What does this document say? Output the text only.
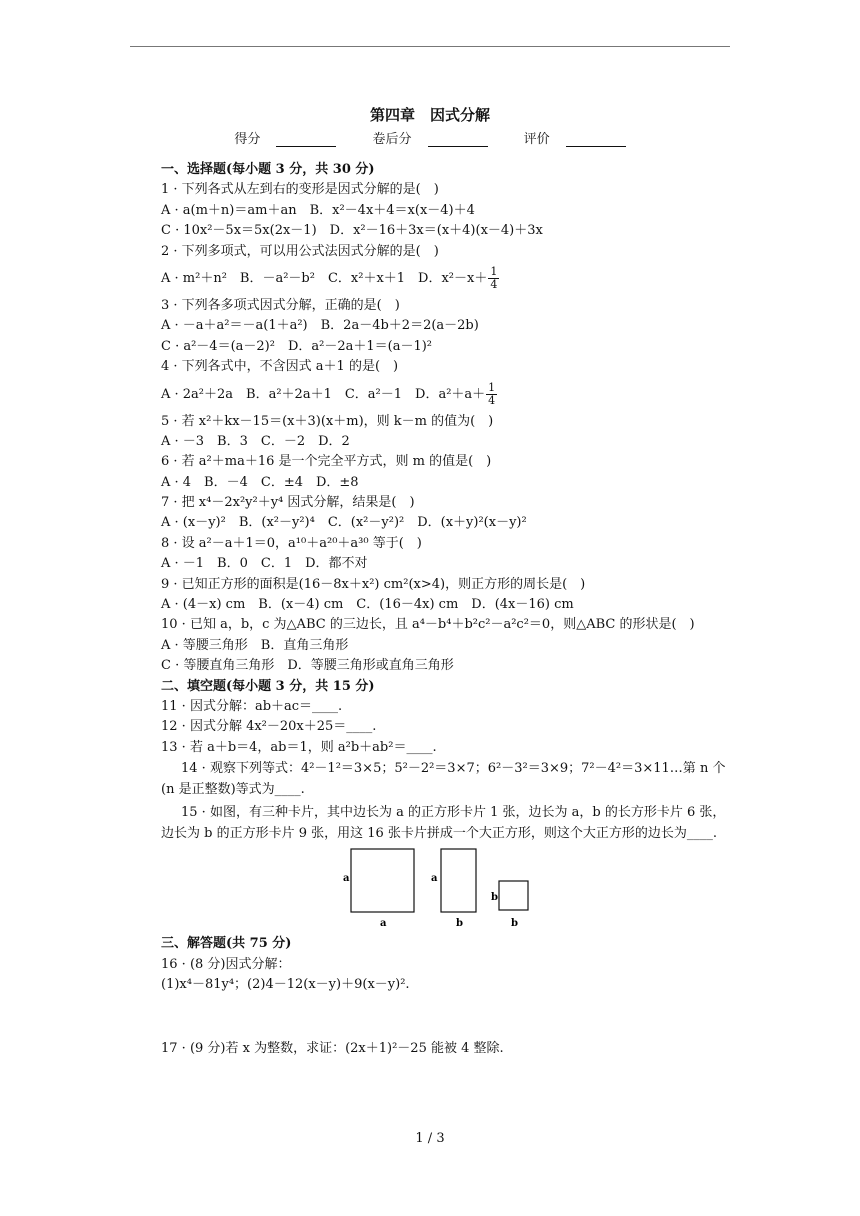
第四章　因式分解
得分	卷后分	评价
一、选择题(每小题 3 分，共 30 分)
1 · 下列各式从左到右的变形是因式分解的是(　)
A · a(m＋n)＝am＋an　B．x²－4x＋4＝x(x－4)＋4
C · 10x²－5x＝5x(2x－1)　D．x²－16＋3x＝(x＋4)(x－4)＋3x
2 · 下列多项式，可以用公式法因式分解的是(　)
A · m²＋n²　B．－a²－b²　C．x²＋x＋1　D．$x^2-x+ \frac{1}{4}$
3 · 下列各多项式因式分解，正确的是(　)
A · －a＋a²＝－a(1＋a²)　B．2a－4b＋2＝2(a－2b)
C · a²－4＝(a－2)²　D．a²－2a＋1＝(a－1)²
4 · 下列各式中，不含因式 a＋1 的是(　)
A · 2a²＋2a　B．a²＋2a＋1　C．a²－1　D．$a^2+a+ \frac{1}{4}$
5 · 若 x²＋kx－15＝(x＋3)(x＋m)，则 k－m 的值为(　)
A · －3　B．3　C．－2　D．2
6 · 若 a²＋ma＋16 是一个完全平方式，则 m 的值是(　)
A · 4　B．－4　C．±4　D．±8
7 · 把 x⁴－2x²y²＋y⁴ 因式分解，结果是(　)
A · (x－y)²　B．(x²－y²)⁴　C．(x²－y²)²　D．(x＋y)²(x－y)²
8 · 设 a²－a＋1＝0，a¹⁰＋a²⁰＋a³⁰ 等于(　)
A · －1　B．0　C．1　D．都不对
9 · 已知正方形的面积是(16－8x＋x²) cm²(x>4)，则正方形的周长是(　)
A · (4－x) cm　B．(x－4) cm　C．(16－4x) cm　D．(4x－16) cm
10 · 已知 a，b，c 为△ABC 的三边长，且 a⁴－b⁴＋b²c²－a²c²＝0，则△ABC 的形状是(　)
A · 等腰三角形　B．直角三角形
C · 等腰直角三角形　D．等腰三角形或直角三角形
二、填空题(每小题 3 分，共 15 分)
11 · 因式分解：ab＋ac＝____.
12 · 因式分解 4x²－20x＋25＝____.
13 · 若 a＋b＝4，ab＝1，则 a²b＋ab²＝____.
14 · 观察下列等式：4²－1²＝3×5；5²－2²＝3×7；6²－3²＝3×9；7²－4²＝3×11…第 n 个(n 是正整数)等式为____.
15 · 如图，有三种卡片，其中边长为 a 的正方形卡片 1 张，边长为 a，b 的长方形卡片 6 张，边长为 b 的正方形卡片 9 张，用这 16 张卡片拼成一个大正方形，则这个大正方形的边长为____.
a
a
a
b
b
b
三、解答题(共 75 分)
16 · (8 分)因式分解：
(1)x⁴－81y⁴；(2)4－12(x－y)＋9(x－y)².
17 · (9 分)若 x 为整数，求证：(2x＋1)²－25 能被 4 整除.
1 / 3
